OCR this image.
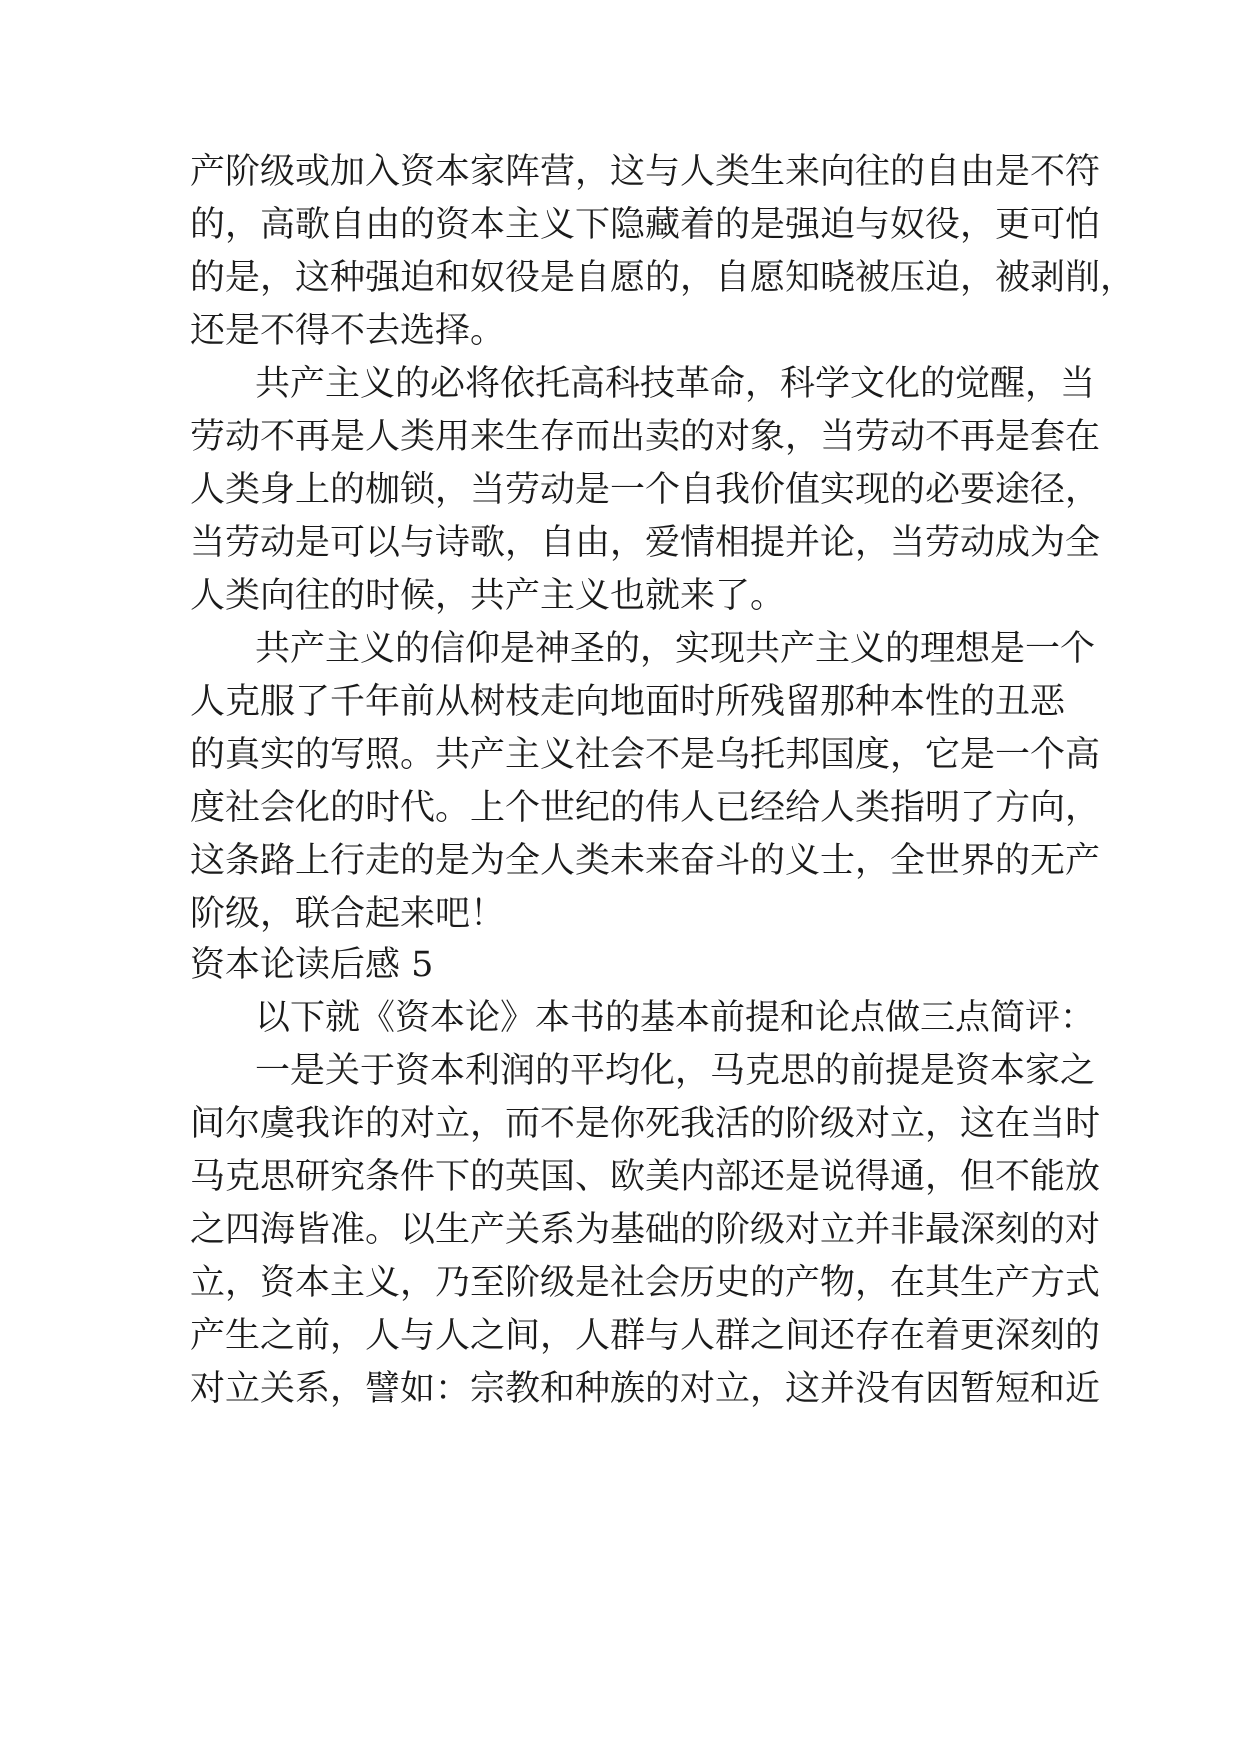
产阶级或加入资本家阵营，这与人类生来向往的自由是不符
的，高歌自由的资本主义下隐藏着的是强迫与奴役，更可怕
的是，这种强迫和奴役是自愿的，自愿知晓被压迫，被剥削，
还是不得不去选择。
共产主义的必将依托高科技革命，科学文化的觉醒，当
劳动不再是人类用来生存而出卖的对象，当劳动不再是套在
人类身上的枷锁，当劳动是一个自我价值实现的必要途径，
当劳动是可以与诗歌，自由，爱情相提并论，当劳动成为全
人类向往的时候，共产主义也就来了。
共产主义的信仰是神圣的，实现共产主义的理想是一个
人克服了千年前从树枝走向地面时所残留那种本性的丑恶
的真实的写照。共产主义社会不是乌托邦国度，它是一个高
度社会化的时代。上个世纪的伟人已经给人类指明了方向，
这条路上行走的是为全人类未来奋斗的义士，全世界的无产
阶级，联合起来吧！
资本论读后感 5
以下就《资本论》本书的基本前提和论点做三点简评：
一是关于资本利润的平均化，马克思的前提是资本家之
间尔虞我诈的对立，而不是你死我活的阶级对立，这在当时
马克思研究条件下的英国、欧美内部还是说得通，但不能放
之四海皆准。以生产关系为基础的阶级对立并非最深刻的对
立，资本主义，乃至阶级是社会历史的产物，在其生产方式
产生之前，人与人之间，人群与人群之间还存在着更深刻的
对立关系，譬如：宗教和种族的对立，这并没有因暂短和近
